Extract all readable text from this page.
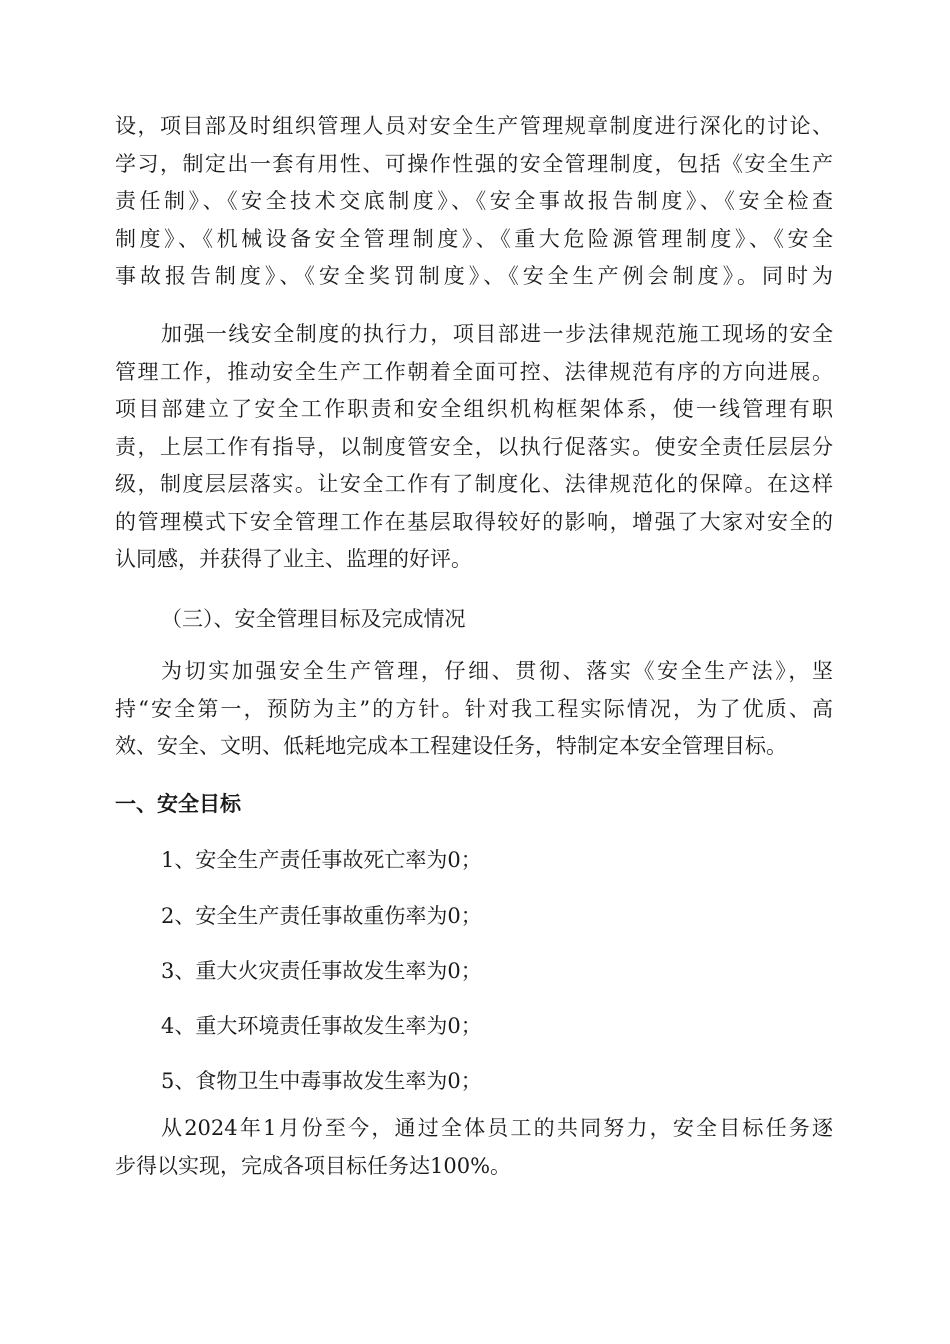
设，项目部及时组织管理人员对安全生产管理规章制度进行深化的讨论、
学习，制定出一套有用性、可操作性强的安全管理制度，包括《安全生产
责任制》、《安全技术交底制度》、《安全事故报告制度》、《安全检查
制度》、《机械设备安全管理制度》、《重大危险源管理制度》、《安全
事故报告制度》、《安全奖罚制度》、《安全生产例会制度》。同时为
加强一线安全制度的执行力，项目部进一步法律规范施工现场的安全
管理工作，推动安全生产工作朝着全面可控、法律规范有序的方向进展。
项目部建立了安全工作职责和安全组织机构框架体系，使一线管理有职
责，上层工作有指导，以制度管安全，以执行促落实。使安全责任层层分
级，制度层层落实。让安全工作有了制度化、法律规范化的保障。在这样
的管理模式下安全管理工作在基层取得较好的影响，增强了大家对安全的
认同感，并获得了业主、监理的好评。

（三）、安全管理目标及完成情况

为切实加强安全生产管理，仔细、贯彻、落实《安全生产法》，坚
持“安全第一，预防为主”的方针。针对我工程实际情况，为了优质、高
效、安全、文明、低耗地完成本工程建设任务，特制定本安全管理目标。

一、安全目标

1、安全生产责任事故死亡率为0；

2、安全生产责任事故重伤率为0；

3、重大火灾责任事故发生率为0；

4、重大环境责任事故发生率为0；

5、食物卫生中毒事故发生率为0；

从2024年1月份至今，通过全体员工的共同努力，安全目标任务逐
步得以实现，完成各项目标任务达100%。
